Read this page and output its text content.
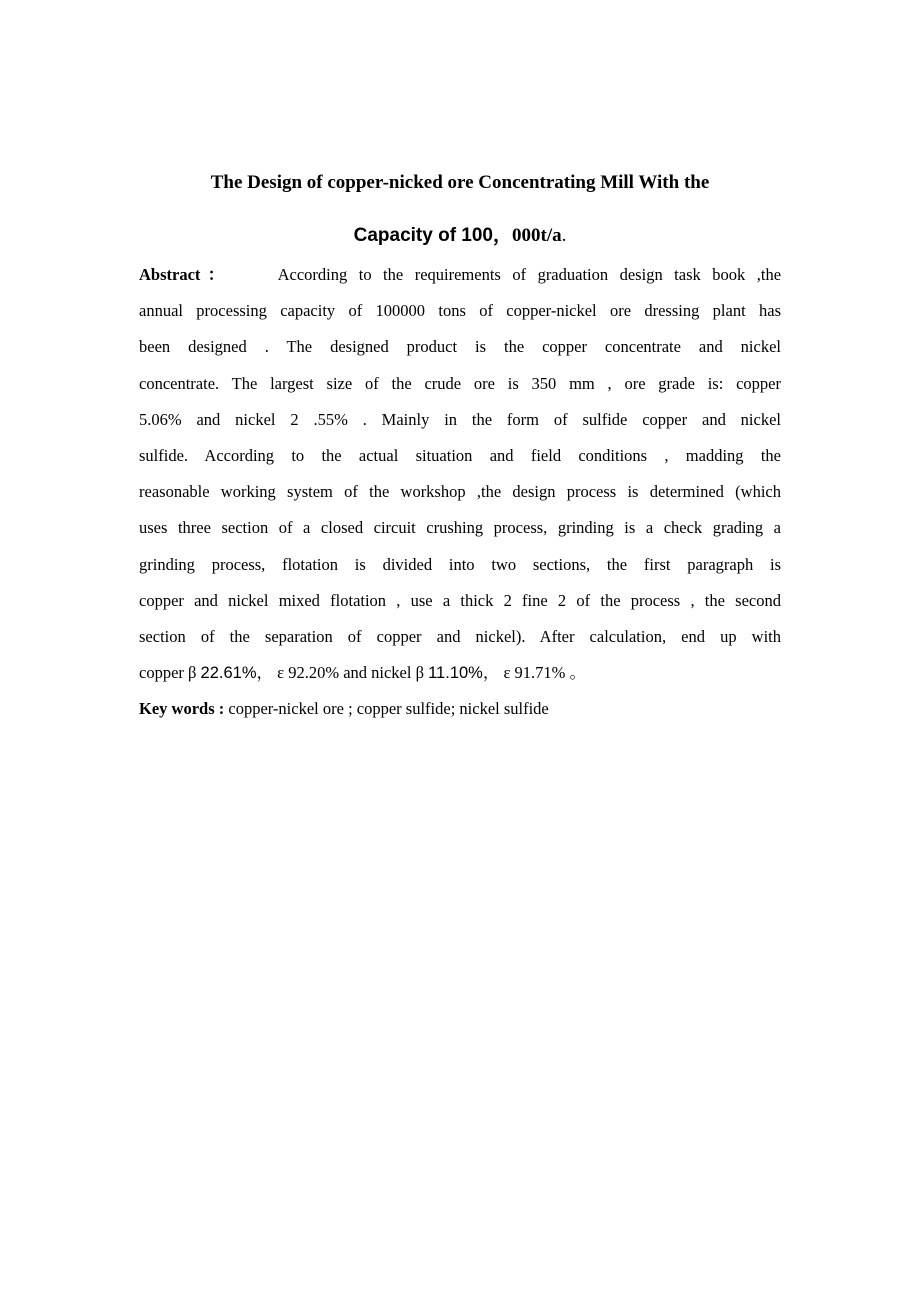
The Design of copper-nicked ore Concentrating Mill With the

Capacity of 100，000t/a.

Abstract：	According to the requirements of graduation design task book ,the
annual processing capacity of 100000 tons of copper-nickel ore dressing plant has
been designed . The designed product is the copper concentrate and nickel
concentrate. The largest size of the crude ore is 350 mm , ore grade is: copper
5.06% and nickel 2 .55% . Mainly in the form of sulfide copper and nickel
sulfide. According to the actual situation and field conditions , madding the
reasonable working system of the workshop ,the design process is determined (which
uses three section of a closed circuit crushing process, grinding is a check grading a
grinding process, flotation is divided into two sections, the first paragraph is
copper and nickel mixed flotation , use a thick 2 fine 2 of the process , the second
section of the separation of copper and nickel). After calculation, end up with
copper β 22.61%， ε 92.20% and nickel β 11.10%， ε 91.71% 。
Key words : copper-nickel ore ; copper sulfide; nickel sulfide
